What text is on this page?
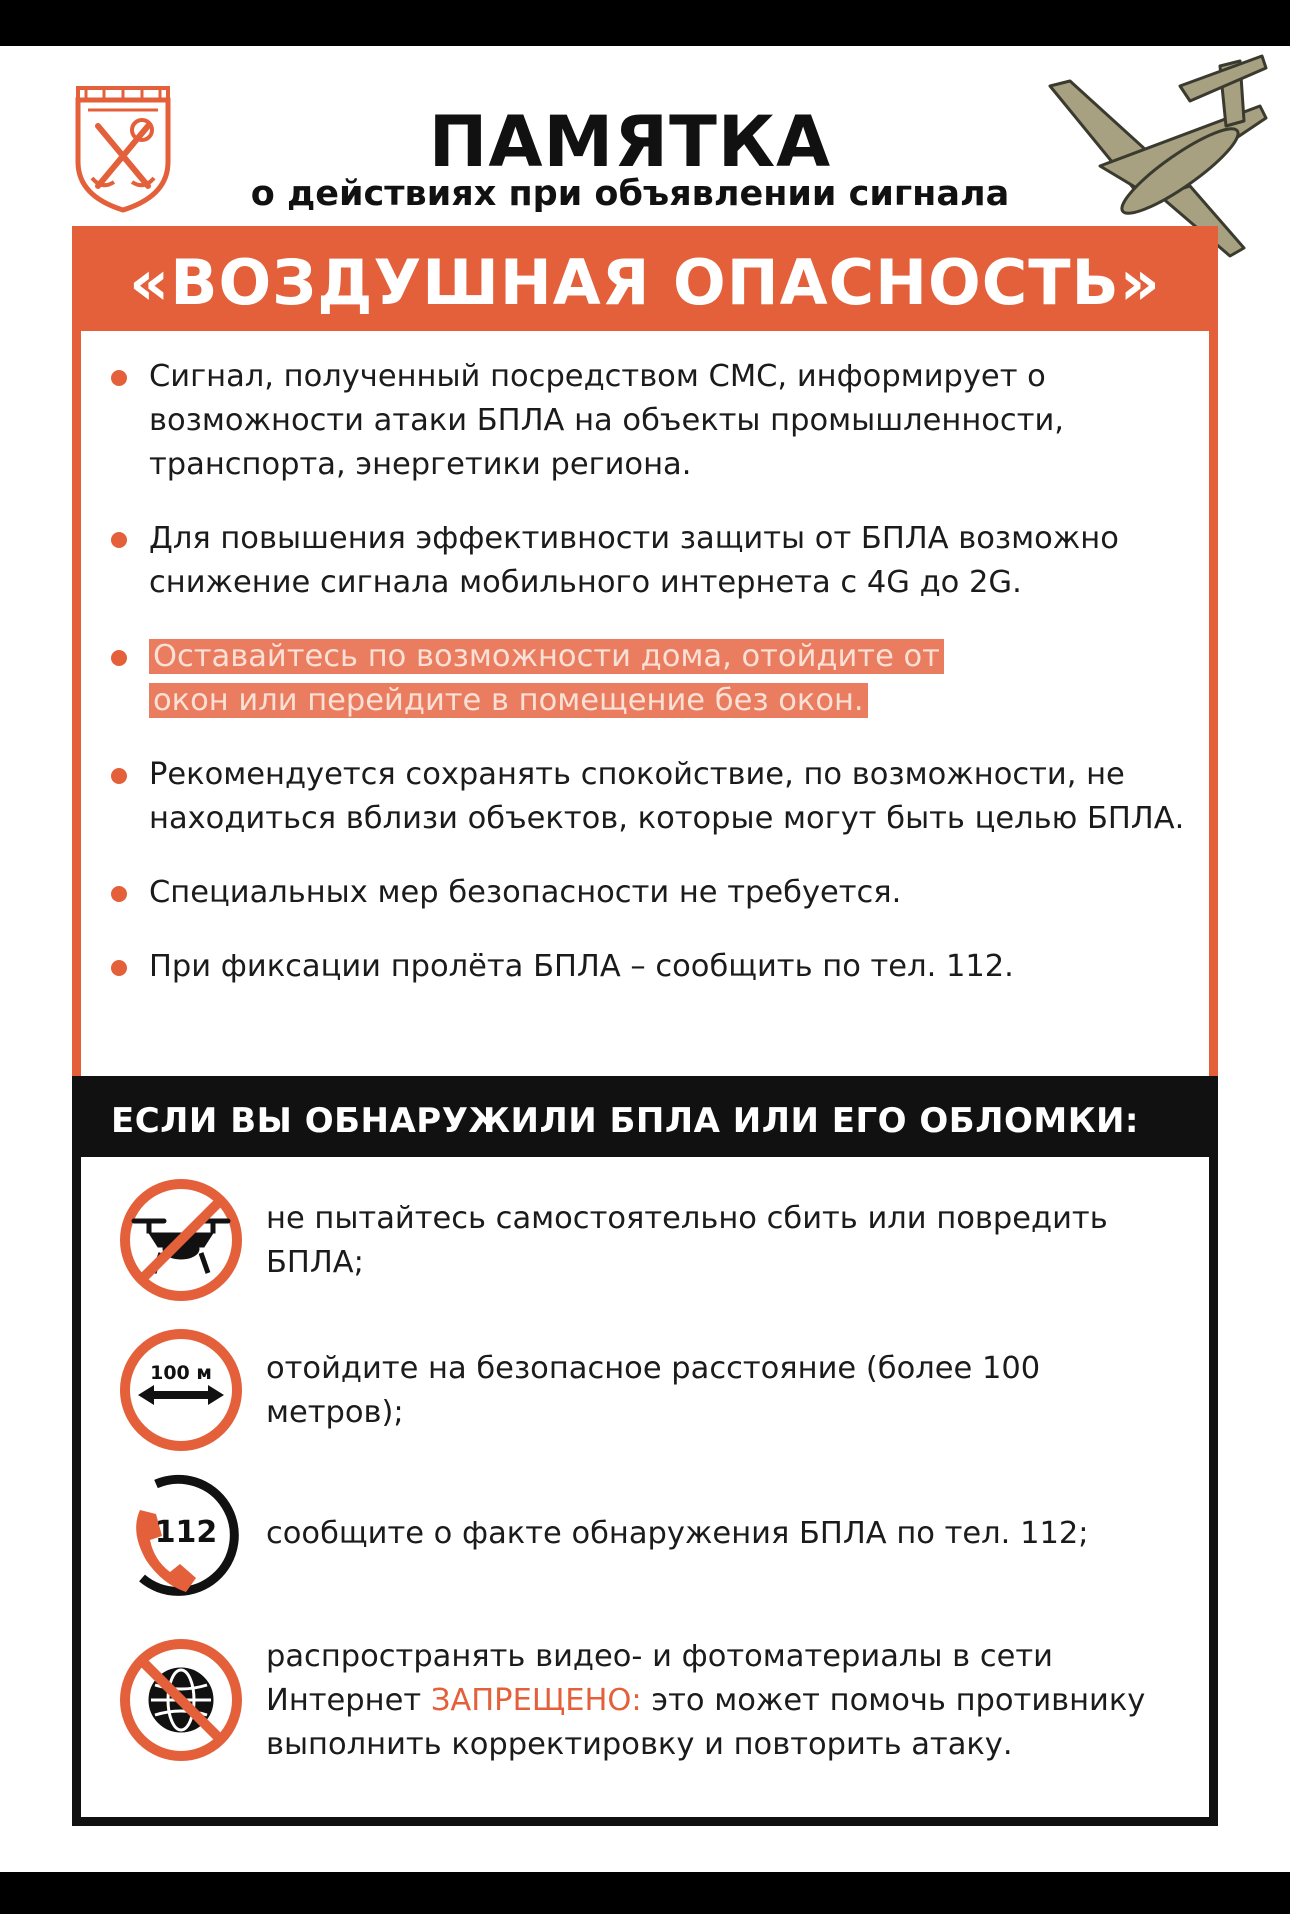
ПАМЯТКА
о действиях при объявлении сигнала
«ВОЗДУШНАЯ ОПАСНОСТЬ»
Сигнал, полученный посредством СМС, информирует о возможности атаки БПЛА на объекты промышленности, транспорта, энергетики региона.
Для повышения эффективности защиты от БПЛА возможно снижение сигнала мобильного интернета с 4G до 2G.
Оставайтесь по возможности дома, отойдите от окон или перейдите в помещение без окон.
Рекомендуется сохранять спокойствие, по возможности, не находиться вблизи объектов, которые могут быть целью БПЛА.
Специальных мер безопасности не требуется.
При фиксации пролёта БПЛА – сообщить по тел. 112.
ЕСЛИ ВЫ ОБНАРУЖИЛИ БПЛА ИЛИ ЕГО ОБЛОМКИ:
не пытайтесь самостоятельно сбить или повредить БПЛА;
100 м отойдите на безопасное расстояние (более 100 метров);
112 сообщите о факте обнаружения БПЛА по тел. 112;
распространять видео- и фотоматериалы в сети Интернет ЗАПРЕЩЕНО: это может помочь противнику выполнить корректировку и повторить атаку.
